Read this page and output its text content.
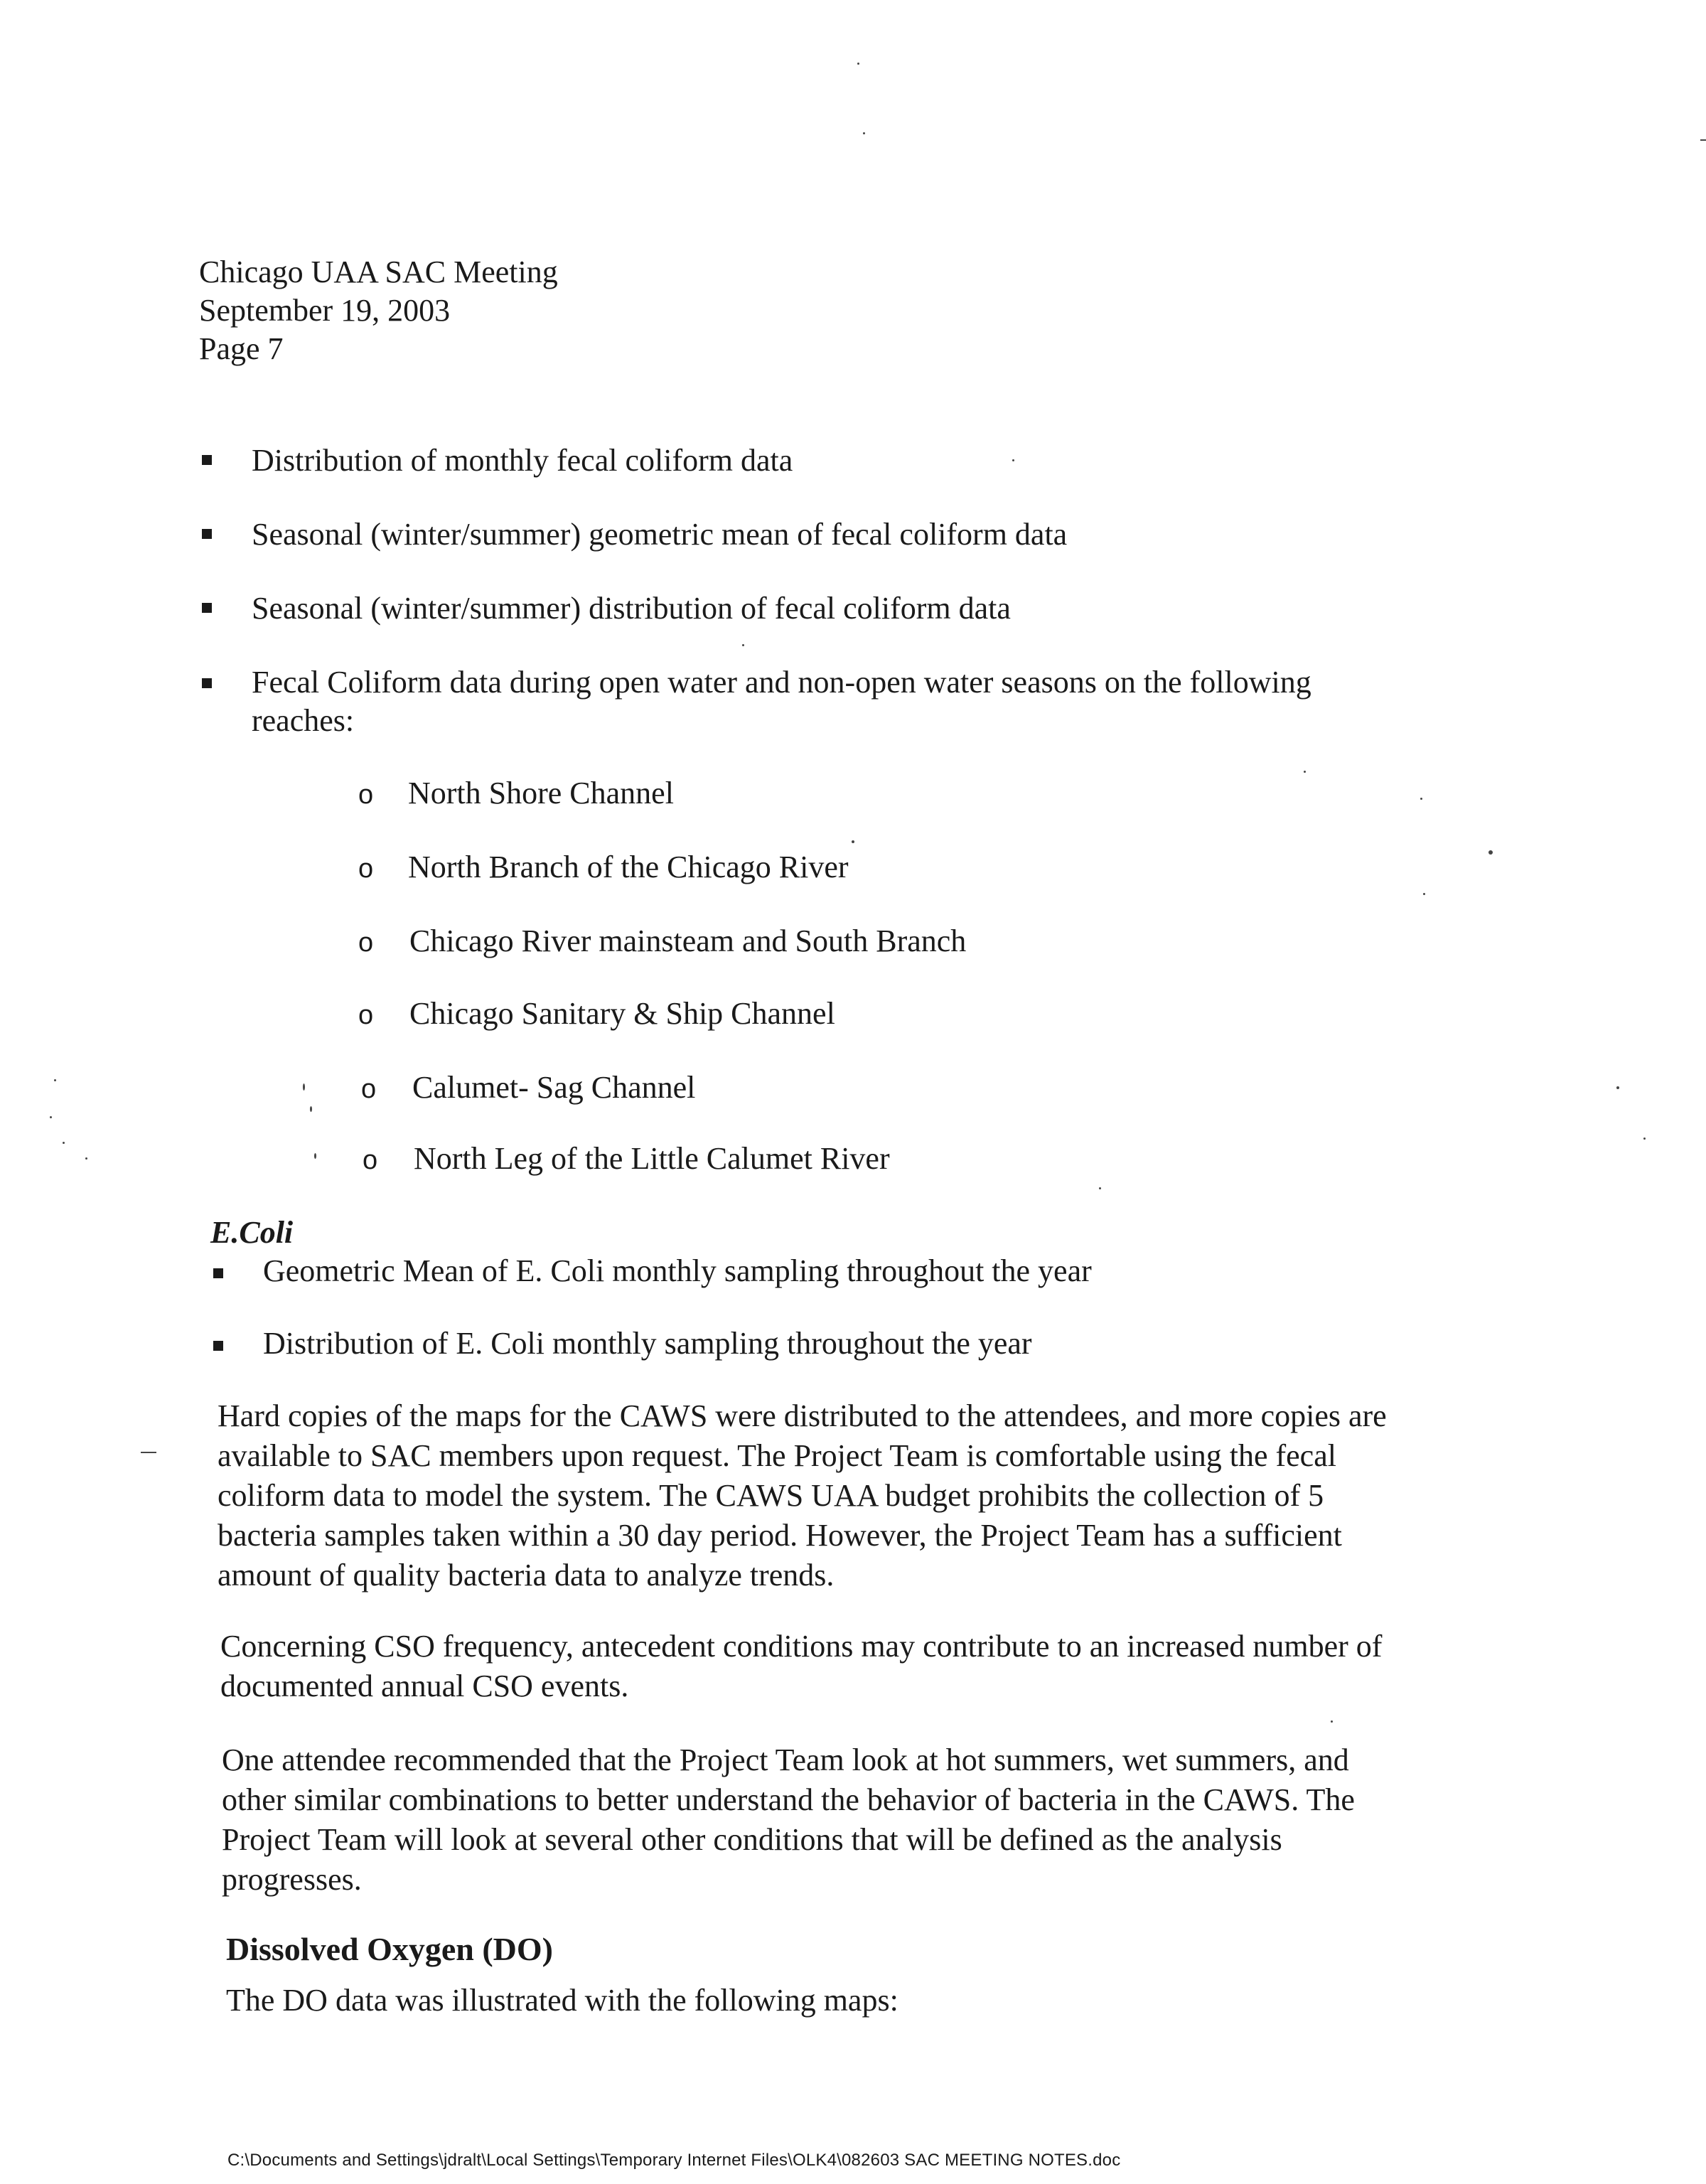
Chicago UAA SAC Meeting
September 19, 2003
Page 7
Distribution of monthly fecal coliform data
Seasonal (winter/summer) geometric mean of fecal coliform data
Seasonal (winter/summer) distribution of fecal coliform data
Fecal Coliform data during open water and non-open water seasons on the following
reaches:
o North Shore Channel
o North Branch of the Chicago River
o Chicago River mainsteam and South Branch
o Chicago Sanitary & Ship Channel
o Calumet- Sag Channel
o North Leg of the Little Calumet River
E.Coli
Geometric Mean of E. Coli monthly sampling throughout the year
Distribution of E. Coli monthly sampling throughout the year
Hard copies of the maps for the CAWS were distributed to the attendees, and more copies are
available to SAC members upon request. The Project Team is comfortable using the fecal
coliform data to model the system. The CAWS UAA budget prohibits the collection of 5
bacteria samples taken within a 30 day period. However, the Project Team has a sufficient
amount of quality bacteria data to analyze trends.
Concerning CSO frequency, antecedent conditions may contribute to an increased number of
documented annual CSO events.
One attendee recommended that the Project Team look at hot summers, wet summers, and
other similar combinations to better understand the behavior of bacteria in the CAWS. The
Project Team will look at several other conditions that will be defined as the analysis
progresses.
Dissolved Oxygen (DO)
The DO data was illustrated with the following maps:
C:\Documents and Settings\jdralt\Local Settings\Temporary Internet Files\OLK4\082603 SAC MEETING NOTES.doc
